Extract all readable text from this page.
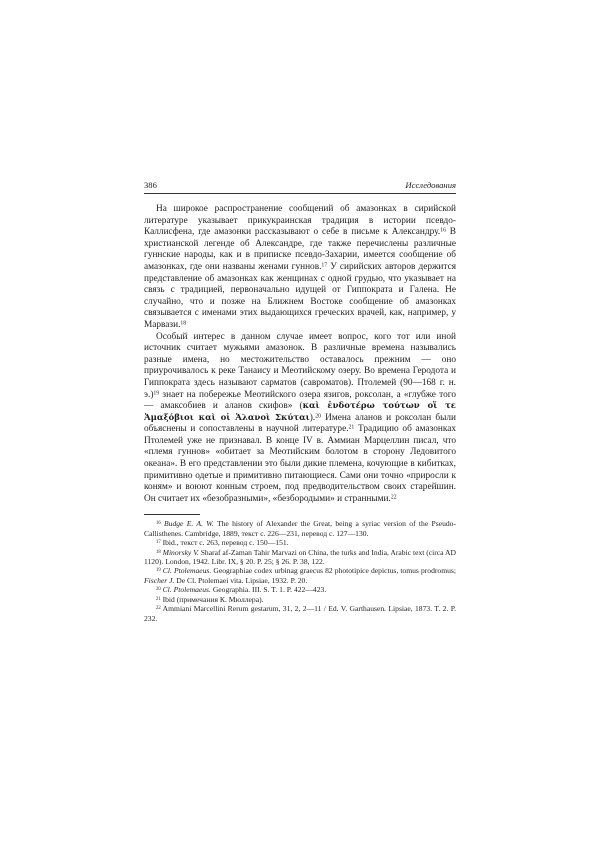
386	Исследования

На широкое распространение сообщений об амазонках в сирийской литературе указывает прикукраинская традиция в истории псевдо-Каллисфена, где амазонки рассказывают о себе в письме к Александру.$^{16}$ В христианской легенде об Александре, где также перечислены различные гуннские народы, как и в приписке псевдо-Захарии, имеется сообщение об амазонках, где они названы женами гуннов.$^{17}$ У сирийских авторов держится представление об амазонках как женщинах с одной грудью, что указывает на связь с традицией, первоначально идущей от Гиппократа и Галена. Не случайно, что и позже на Ближнем Востоке сообщение об амазонках связывается с именами этих выдающихся греческих врачей, как, например, у Марвази.$^{18}$

Особый интерес в данном случае имеет вопрос, кого тот или иной источник считает мужьями амазонок. В различные времена назывались разные имена, но местожительство оставалось прежним — оно приурочивалось к реке Танаису и Меотийскому озеру. Во времена Геродота и Гиппократа здесь называют сарматов (савроматов). Птолемей (90—168 г. н. э.)$^{19}$ знает на побережье Меотийского озера язигов, роксолан, а «глубже того — амаксобиев и аланов скифов» (καὶ ἐνδοτέρω τούτων οἵ τε Ἀμαξόβιοι καὶ οἱ Ἀλανοὶ Σκύται).$^{20}$ Имена аланов и роксолан были объяснены и сопоставлены в научной литературе.$^{21}$ Традицию об амазонках Птолемей уже не признавал. В конце IV в. Аммиан Марцеллин писал, что «племя гуннов» «обитает за Меотийским болотом в сторону Ледовитого океана». В его представлении это были дикие племена, кочующие в кибитках, примитивно одетые и примитивно питающиеся. Сами они точно «приросли к коням» и воюют конным строем, под предводительством своих старейшин. Он считает их «безобразными», «безбородыми» и странными.$^{22}$

$^{16}$ Budge E. A. W. The history of Alexander the Great, being a syriac version of the Pseudo-Callisthenes. Cambridge, 1889, текст с. 226—231, перевод с. 127—130.

$^{17}$ Ibid., текст с. 263, перевод с. 150—151.

$^{18}$ Minorsky V. Sharaf af-Zaman Tahir Marvazi on China, the turks and India, Arabic text (circa AD 1120). London, 1942. Libr. IX, § 20. P. 25; § 26. P. 38, 122.

$^{19}$ Cl. Ptolemaeus. Geographiae codex urbinag graecus 82 phototipice depictus, tomus prodromus; Fischer J. De Cl. Ptolemaei vita. Lipsiae, 1932. P. 20.

$^{20}$ Cl. Ptolemaeus. Geographia. III. S. T. 1. P. 422—423.

$^{21}$ Ibid (примечания К. Мюллера).

$^{22}$ Ammiani Marcellini Rerum gestarum, 31, 2, 2—11 / Ed. V. Garthausen. Lipsiae, 1873. T. 2. P. 232.
